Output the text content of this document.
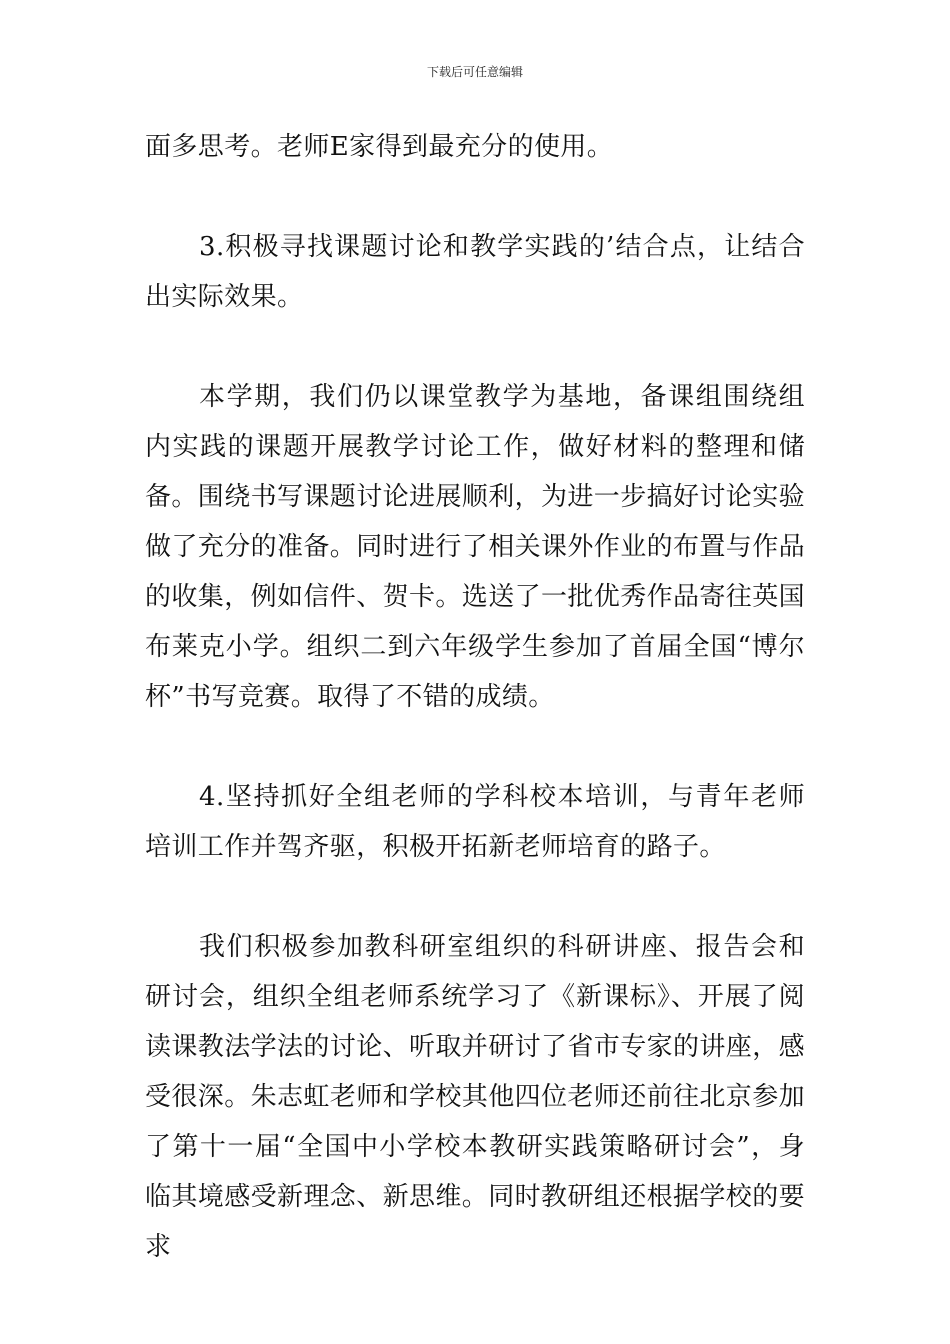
下载后可任意编辑

面多思考。老师E家得到最充分的使用。

3.积极寻找课题讨论和教学实践的’结合点，让结合出实际效果。

本学期，我们仍以课堂教学为基地，备课组围绕组内实践的课题开展教学讨论工作，做好材料的整理和储备。围绕书写课题讨论进展顺利，为进一步搞好讨论实验做了充分的准备。同时进行了相关课外作业的布置与作品的收集，例如信件、贺卡。选送了一批优秀作品寄往英国布莱克小学。组织二到六年级学生参加了首届全国“博尔杯”书写竞赛。取得了不错的成绩。

4.坚持抓好全组老师的学科校本培训，与青年老师培训工作并驾齐驱，积极开拓新老师培育的路子。

我们积极参加教科研室组织的科研讲座、报告会和研讨会，组织全组老师系统学习了《新课标》、开展了阅读课教法学法的讨论、听取并研讨了省市专家的讲座，感受很深。朱志虹老师和学校其他四位老师还前往北京参加了第十一届“全国中小学校本教研实践策略研讨会”，身临其境感受新理念、新思维。同时教研组还根据学校的要求
